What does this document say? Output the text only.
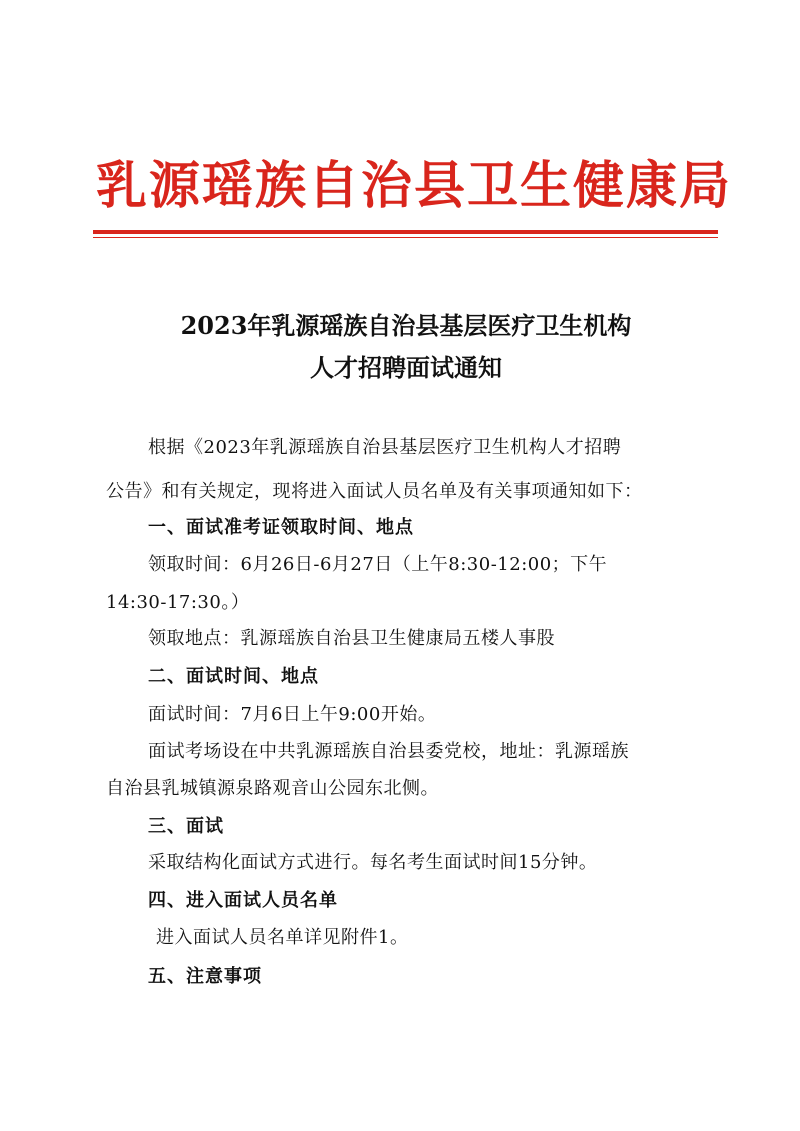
乳源瑶族自治县卫生健康局
2023年乳源瑶族自治县基层医疗卫生机构
人才招聘面试通知
根据《2023年乳源瑶族自治县基层医疗卫生机构人才招聘
公告》和有关规定，现将进入面试人员名单及有关事项通知如下：
一、面试准考证领取时间、地点
领取时间：6月26日-6月27日（上午8:30-12:00；下午
14:30-17:30。）
领取地点：乳源瑶族自治县卫生健康局五楼人事股
二、面试时间、地点
面试时间：7月6日上午9:00开始。
面试考场设在中共乳源瑶族自治县委党校，地址：乳源瑶族
自治县乳城镇源泉路观音山公园东北侧。
三、面试
采取结构化面试方式进行。每名考生面试时间15分钟。
四、进入面试人员名单
进入面试人员名单详见附件1。
五、注意事项
